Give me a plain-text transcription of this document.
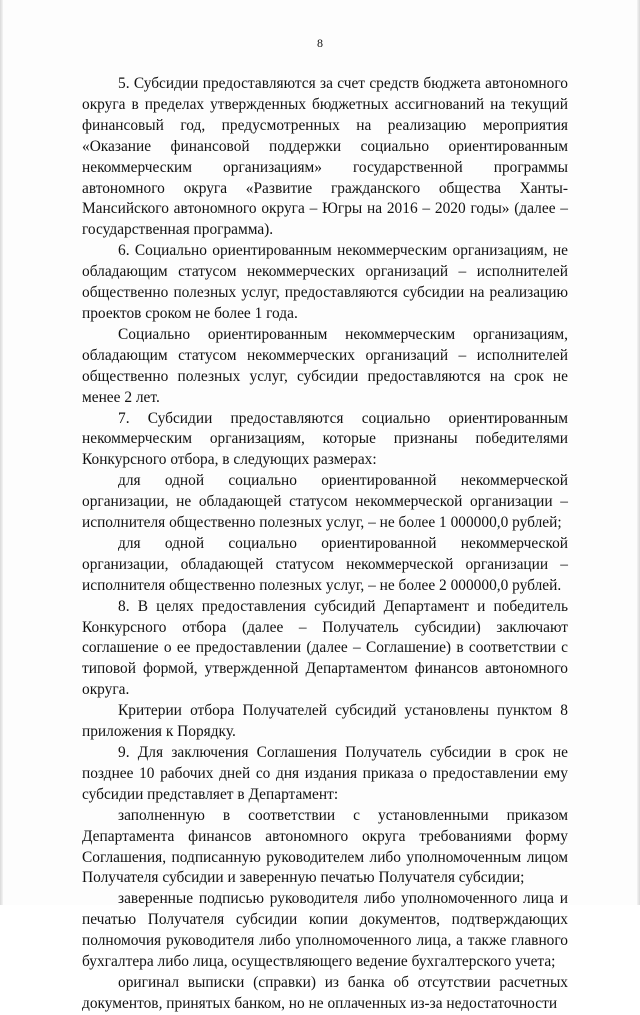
8

5. Субсидии предоставляются за счет средств бюджета автономного округа в пределах утвержденных бюджетных ассигнований на текущий финансовый год, предусмотренных на реализацию мероприятия «Оказание финансовой поддержки социально ориентированным некоммерческим организациям» государственной программы автономного округа «Развитие гражданского общества Ханты-Мансийского автономного округа – Югры на 2016 – 2020 годы» (далее – государственная программа).

6. Социально ориентированным некоммерческим организациям, не обладающим статусом некоммерческих организаций – исполнителей общественно полезных услуг, предоставляются субсидии на реализацию проектов сроком не более 1 года.

Социально ориентированным некоммерческим организациям, обладающим статусом некоммерческих организаций – исполнителей общественно полезных услуг, субсидии предоставляются на срок не менее 2 лет.

7. Субсидии предоставляются социально ориентированным некоммерческим организациям, которые признаны победителями Конкурсного отбора, в следующих размерах:

для одной социально ориентированной некоммерческой организации, не обладающей статусом некоммерческой организации – исполнителя общественно полезных услуг, – не более 1 000000,0 рублей;

для одной социально ориентированной некоммерческой организации, обладающей статусом некоммерческой организации – исполнителя общественно полезных услуг, – не более 2 000000,0 рублей.

8. В целях предоставления субсидий Департамент и победитель Конкурсного отбора (далее – Получатель субсидии) заключают соглашение о ее предоставлении (далее – Соглашение) в соответствии с типовой формой, утвержденной Департаментом финансов автономного округа.

Критерии отбора Получателей субсидий установлены пунктом 8 приложения к Порядку.

9. Для заключения Соглашения Получатель субсидии в срок не позднее 10 рабочих дней со дня издания приказа о предоставлении ему субсидии представляет в Департамент:

заполненную в соответствии с установленными приказом Департамента финансов автономного округа требованиями форму Соглашения, подписанную руководителем либо уполномоченным лицом Получателя субсидии и заверенную печатью Получателя субсидии;

заверенные подписью руководителя либо уполномоченного лица и печатью Получателя субсидии копии документов, подтверждающих полномочия руководителя либо уполномоченного лица, а также главного бухгалтера либо лица, осуществляющего ведение бухгалтерского учета;

оригинал выписки (справки) из банка об отсутствии расчетных документов, принятых банком, но не оплаченных из-за недостаточности
